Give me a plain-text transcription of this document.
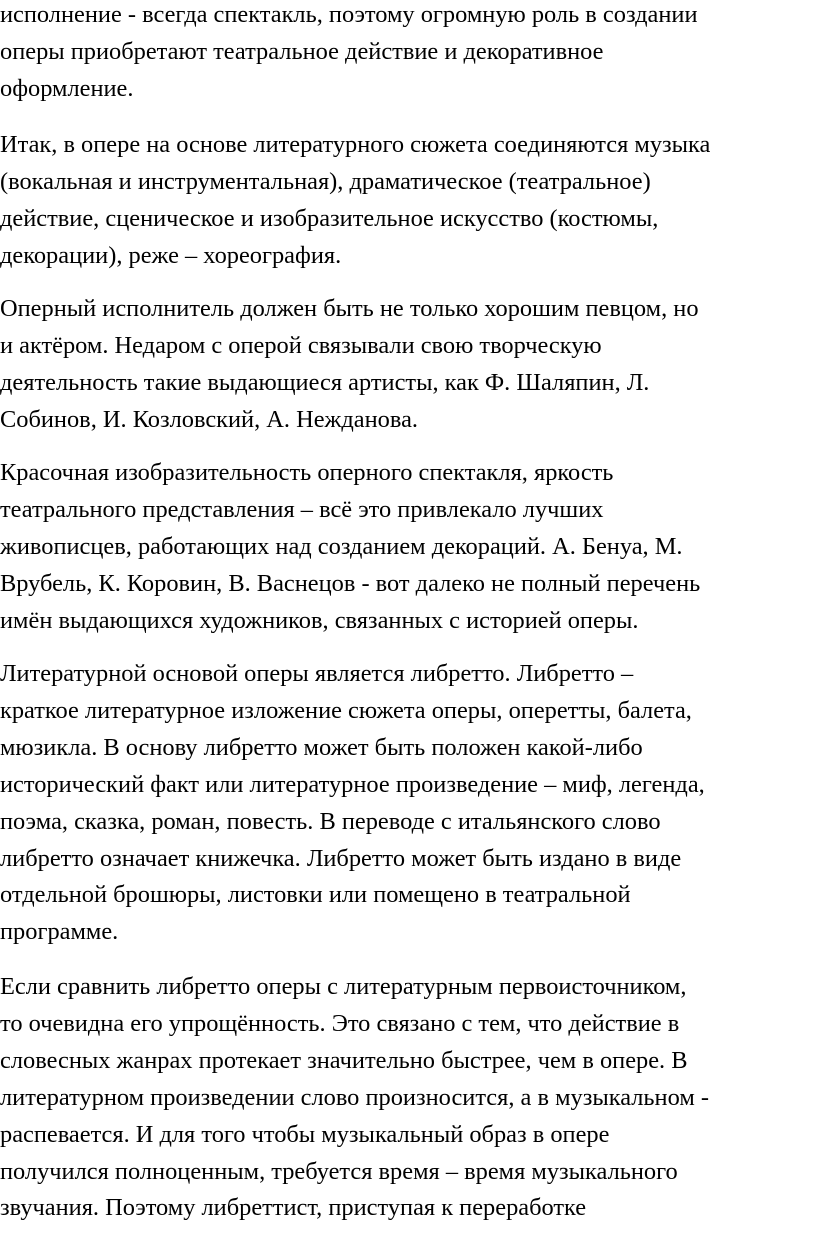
исполнение - всегда спектакль, поэтому огромную роль в создании
оперы приобретают театральное действие и декоративное
оформление.

Итак, в опере на основе литературного сюжета соединяются музыка
(вокальная и инструментальная), драматическое (театральное)
действие, сценическое и изобразительное искусство (костюмы,
декорации), реже – хореография.

Оперный исполнитель должен быть не только хорошим певцом, но
и актёром. Недаром с оперой связывали свою творческую
деятельность такие выдающиеся артисты, как Ф. Шаляпин, Л.
Собинов, И. Козловский, А. Нежданова.

Красочная изобразительность оперного спектакля, яркость
театрального представления – всё это привлекало лучших
живописцев, работающих над созданием декораций. А. Бенуа, М.
Врубель, К. Коровин, В. Васнецов - вот далеко не полный перечень
имён выдающихся художников, связанных с историей оперы.

Литературной основой оперы является либретто. Либретто –
краткое литературное изложение сюжета оперы, оперетты, балета,
мюзикла. В основу либретто может быть положен какой-либо
исторический факт или литературное произведение – миф, легенда,
поэма, сказка, роман, повесть. В переводе с итальянского слово
либретто означает книжечка. Либретто может быть издано в виде
отдельной брошюры, листовки или помещено в театральной
программе.

Если сравнить либретто оперы с литературным первоисточником,
то очевидна его упрощённость. Это связано с тем, что действие в
словесных жанрах протекает значительно быстрее, чем в опере. В
литературном произведении слово произносится, а в музыкальном -
распевается. И для того чтобы музыкальный образ в опере
получился полноценным, требуется время – время музыкального
звучания. Поэтому либреттист, приступая к переработке
